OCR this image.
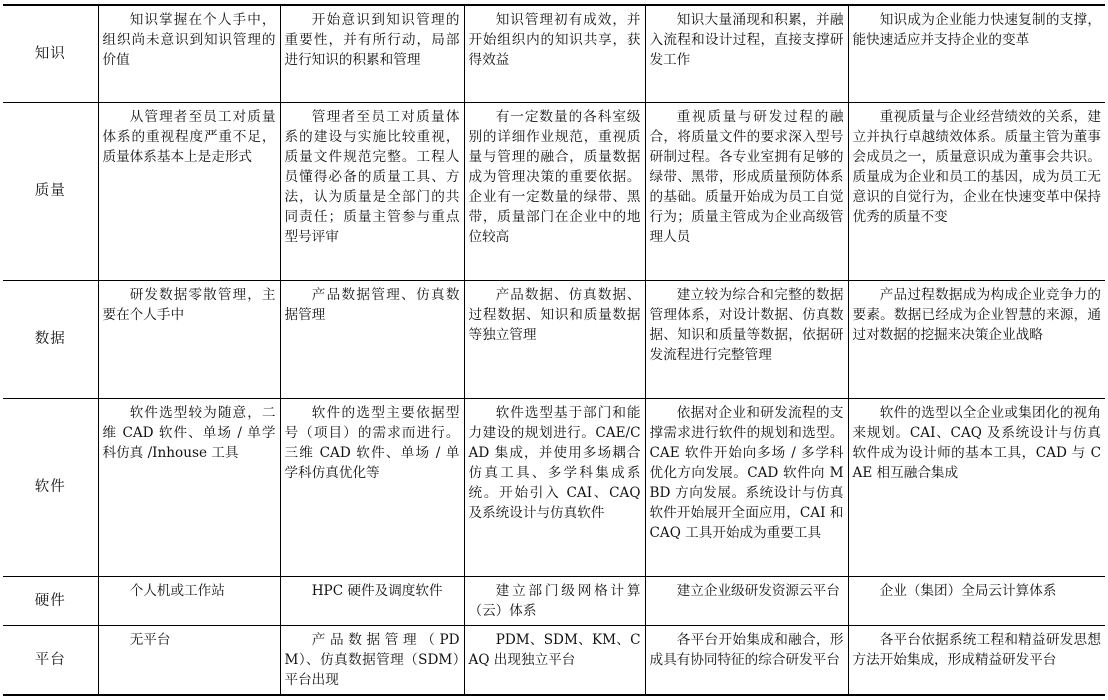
知识	知识掌握在个人手中，组织尚未意识到知识管理的价值	开始意识到知识管理的重要性，并有所行动，局部进行知识的积累和管理	知识管理初有成效，并开始组织内的知识共享，获得效益	知识大量涌现和积累，并融入流程和设计过程，直接支撑研发工作	知识成为企业能力快速复制的支撑，能快速适应并支持企业的变革

质量	从管理者至员工对质量体系的重视程度严重不足，质量体系基本上是走形式	管理者至员工对质量体系的建设与实施比较重视，质量文件规范完整。工程人员懂得必备的质量工具、方法，认为质量是全部门的共同责任；质量主管参与重点型号评审	有一定数量的各科室级别的详细作业规范，重视质量与管理的融合，质量数据成为管理决策的重要依据。企业有一定数量的绿带、黑带，质量部门在企业中的地位较高	重视质量与研发过程的融合，将质量文件的要求深入型号研制过程。各专业室拥有足够的绿带、黑带，形成质量预防体系的基础。质量开始成为员工自觉行为；质量主管成为企业高级管理人员	重视质量与企业经营绩效的关系，建立并执行卓越绩效体系。质量主管为董事会成员之一，质量意识成为董事会共识。质量成为企业和员工的基因，成为员工无意识的自觉行为，企业在快速变革中保持优秀的质量不变

数据	研发数据零散管理，主要在个人手中	产品数据管理、仿真数据管理	产品数据、仿真数据、过程数据、知识和质量数据等独立管理	建立较为综合和完整的数据管理体系，对设计数据、仿真数据、知识和质量等数据，依据研发流程进行完整管理	产品过程数据成为构成企业竞争力的要素。数据已经成为企业智慧的来源，通过对数据的挖掘来决策企业战略

软件	软件选型较为随意，二维 CAD 软件、单场 / 单学科仿真 /Inhouse 工具	软件的选型主要依据型号（项目）的需求而进行。三维 CAD 软件、单场 / 单学科仿真优化等	软件选型基于部门和能力建设的规划进行。CAE/CAD 集成，并使用多场耦合仿真工具、多学科集成系统。开始引入 CAI、CAQ 及系统设计与仿真软件	依据对企业和研发流程的支撑需求进行软件的规划和选型。CAE 软件开始向多场 / 多学科优化方向发展。CAD 软件向 MBD 方向发展。系统设计与仿真软件开始展开全面应用，CAI 和 CAQ 工具开始成为重要工具	软件的选型以全企业或集团化的视角来规划。CAI、CAQ 及系统设计与仿真软件成为设计师的基本工具，CAD 与 CAE 相互融合集成

硬件	个人机或工作站	HPC 硬件及调度软件	建立部门级网格计算（云）体系	建立企业级研发资源云平台	企业（集团）全局云计算体系

平台	无平台	产品数据管理（PDM）、仿真数据管理（SDM）平台出现	PDM、SDM、KM、CAQ 出现独立平台	各平台开始集成和融合，形成具有协同特征的综合研发平台	各平台依据系统工程和精益研发思想方法开始集成，形成精益研发平台
